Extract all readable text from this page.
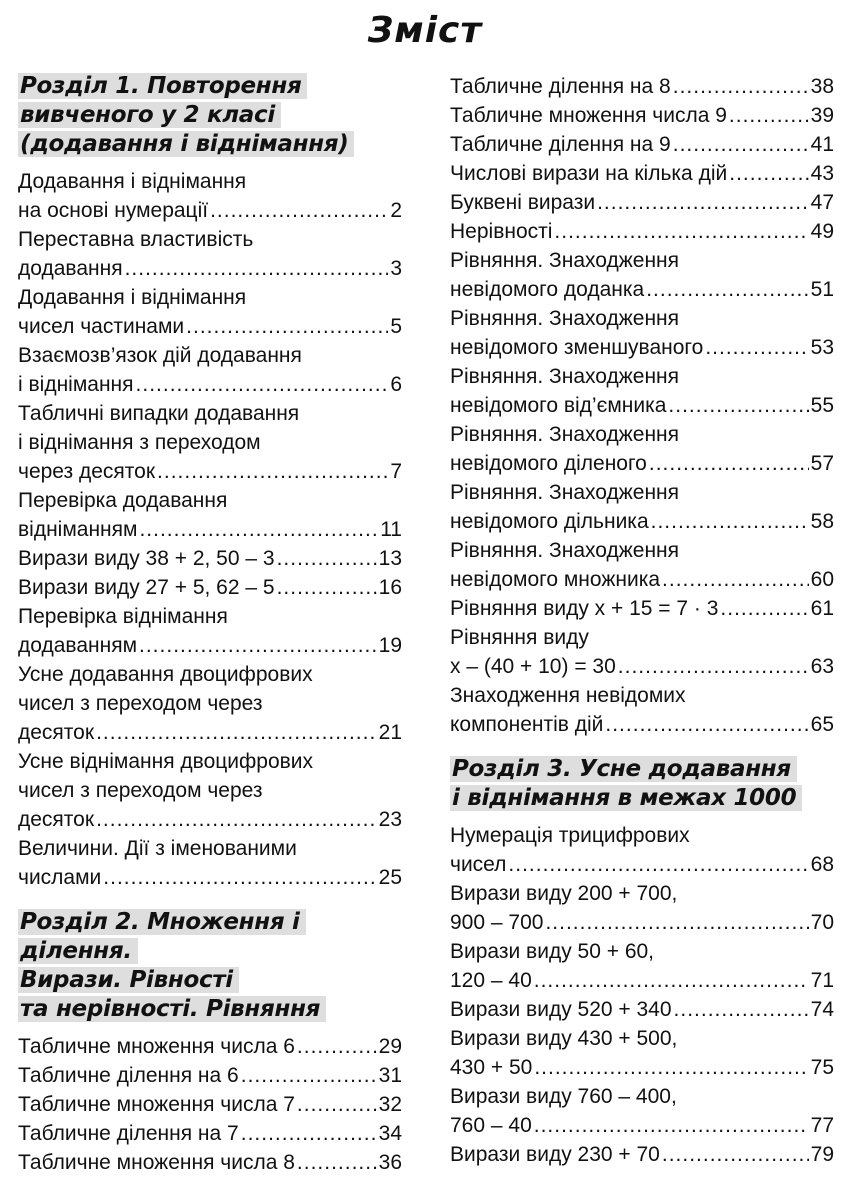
Зміст
Розділ 1. Повторення
вивченого у 2 класі
(додавання і віднімання)
Додавання і віднімання
на основі нумерації .....	2
Переставна властивість
додавання .....	3
Додавання і віднімання
чисел частинами .....	5
Взаємозв’язок дій додавання
і віднімання .....	6
Табличні випадки додавання
і віднімання з переходом
через десяток .....	7
Перевірка додавання
відніманням .....	11
Вирази виду 38 + 2, 50 – 3 .....	13
Вирази виду 27 + 5, 62 – 5 .....	16
Перевірка віднімання
додаванням .....	19
Усне додавання двоцифрових
чисел з переходом через
десяток .....	21
Усне віднімання двоцифрових
чисел з переходом через
десяток .....	23
Величини. Дії з іменованими
числами .....	25
Розділ 2. Множення і ділення.
Вирази. Рівності
та нерівності. Рівняння
Табличне множення числа 6 .....	29
Табличне ділення на 6 .....	31
Табличне множення числа 7 .....	32
Табличне ділення на 7 .....	34
Табличне множення числа 8 .....	36
Табличне ділення на 8 .....	38
Табличне множення числа 9 .....	39
Табличне ділення на 9 .....	41
Числові вирази на кілька дій .....	43
Буквені вирази .....	47
Нерівності .....	49
Рівняння. Знаходження
невідомого доданка .....	51
Рівняння. Знаходження
невідомого зменшуваного .....	53
Рівняння. Знаходження
невідомого від’ємника .....	55
Рівняння. Знаходження
невідомого діленого .....	57
Рівняння. Знаходження
невідомого дільника .....	58
Рівняння. Знаходження
невідомого множника .....	60
Рівняння виду x + 15 = 7 · 3 .....	61
Рівняння виду
x – (40 + 10) = 30 .....	63
Знаходження невідомих
компонентів дій .....	65
Розділ 3. Усне додавання
і віднімання в межах 1000
Нумерація трицифрових
чисел .....	68
Вирази виду 200 + 700,
900 – 700 .....	70
Вирази виду 50 + 60,
120 – 40 .....	71
Вирази виду 520 + 340 .....	74
Вирази виду 430 + 500,
430 + 50 .....	75
Вирази виду 760 – 400,
760 – 40 .....	77
Вирази виду 230 + 70 .....	79
